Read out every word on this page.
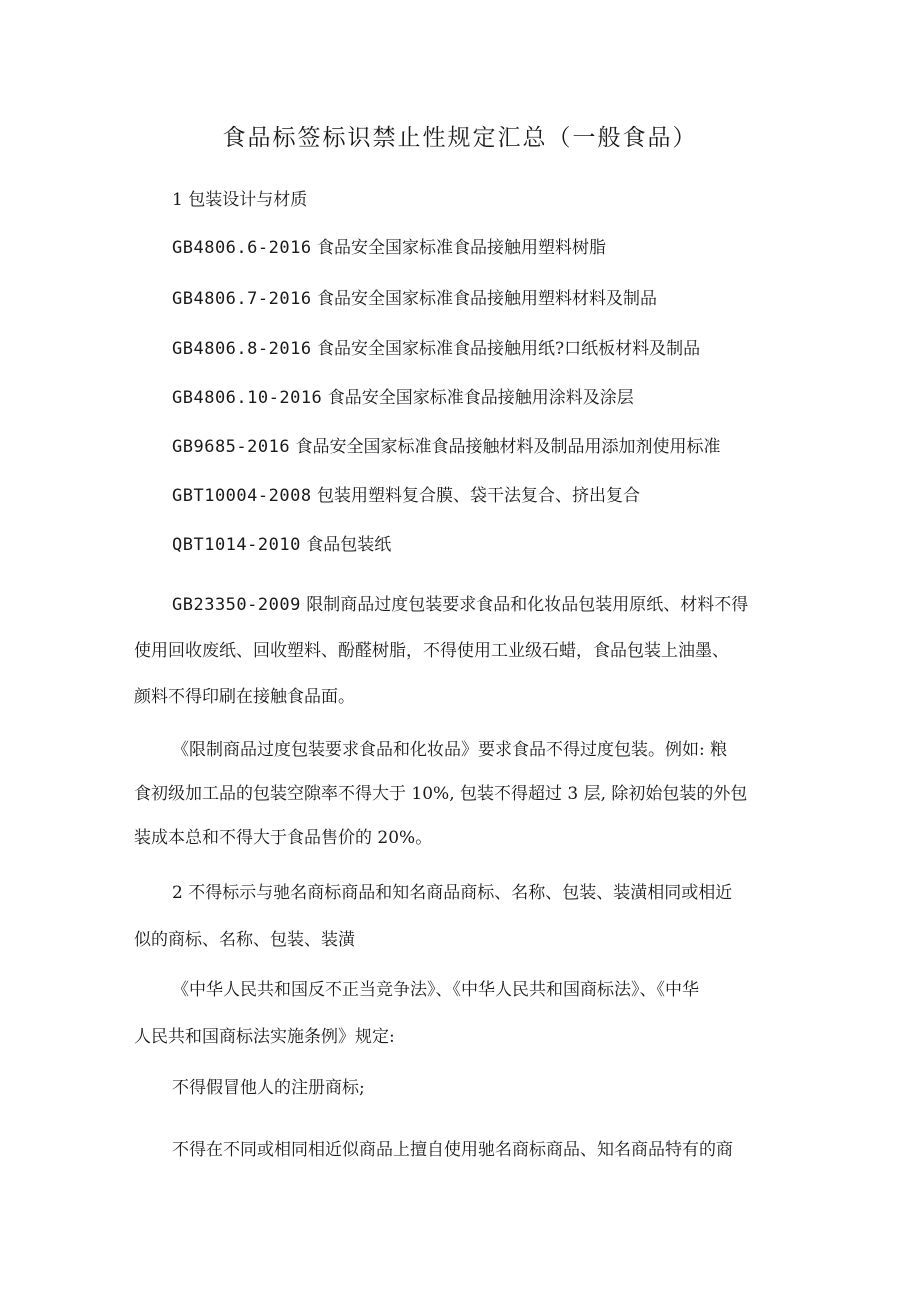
食品标签标识禁止性规定汇总（一般食品）

1 包装设计与材质

GB4806.6-2016 食品安全国家标准食品接触用塑料树脂

GB4806.7-2016 食品安全国家标准食品接触用塑料材料及制品

GB4806.8-2016 食品安全国家标准食品接触用纸?口纸板材料及制品

GB4806.10-2016 食品安全国家标准食品接触用涂料及涂层

GB9685-2016 食品安全国家标准食品接触材料及制品用添加剂使用标准

GBT10004-2008 包装用塑料复合膜、袋干法复合、挤出复合

QBT1014-2010 食品包装纸

GB23350-2009 限制商品过度包装要求食品和化妆品包装用原纸、材料不得
使用回收废纸、回收塑料、酚醛树脂，不得使用工业级石蜡，食品包装上油墨、
颜料不得印刷在接触食品面。
《限制商品过度包装要求食品和化妆品》要求食品不得过度包装。例如: 粮
食初级加工品的包装空隙率不得大于 10%, 包装不得超过 3 层, 除初始包装的外包
装成本总和不得大于食品售价的 20%。
2 不得标示与驰名商标商品和知名商品商标、名称、包装、装潢相同或相近
似的商标、名称、包装、装潢
《中华人民共和国反不正当竞争法》、《中华人民共和国商标法》、《中华
人民共和国商标法实施条例》规定:

不得假冒他人的注册商标;

不得在不同或相同相近似商品上擅自使用驰名商标商品、知名商品特有的商
